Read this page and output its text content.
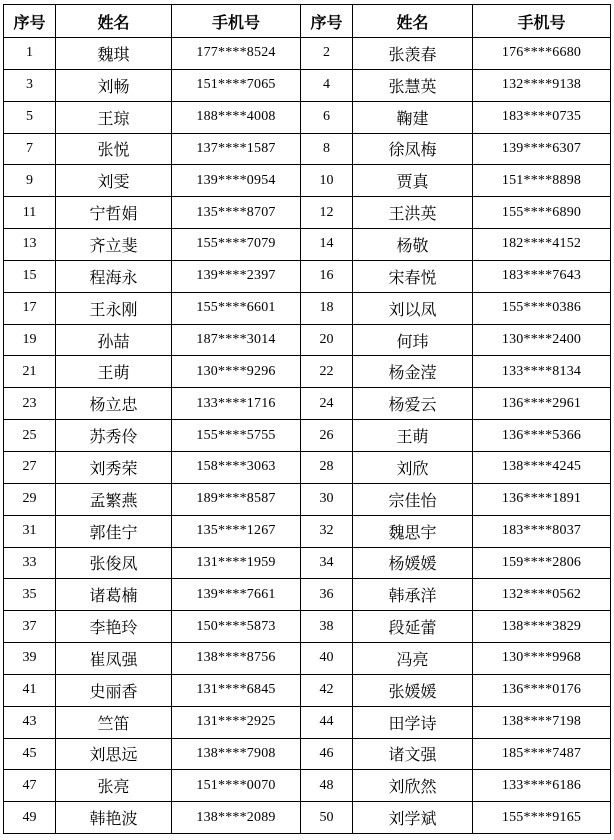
序号	姓名	手机号	序号	姓名	手机号
1	魏琪	177****8524	2	张羡春	176****6680
3	刘畅	151****7065	4	张慧英	132****9138
5	王琼	188****4008	6	鞠建	183****0735
7	张悦	137****1587	8	徐凤梅	139****6307
9	刘雯	139****0954	10	贾真	151****8898
11	宁哲娟	135****8707	12	王洪英	155****6890
13	齐立斐	155****7079	14	杨敬	182****4152
15	程海永	139****2397	16	宋春悦	183****7643
17	王永刚	155****6601	18	刘以凤	155****0386
19	孙喆	187****3014	20	何玮	130****2400
21	王萌	130****9296	22	杨金滢	133****8134
23	杨立忠	133****1716	24	杨爱云	136****2961
25	苏秀伶	155****5755	26	王萌	136****5366
27	刘秀荣	158****3063	28	刘欣	138****4245
29	孟繁燕	189****8587	30	宗佳怡	136****1891
31	郭佳宁	135****1267	32	魏思宇	183****8037
33	张俊凤	131****1959	34	杨媛媛	159****2806
35	诸葛楠	139****7661	36	韩承洋	132****0562
37	李艳玲	150****5873	38	段延蕾	138****3829
39	崔凤强	138****8756	40	冯亮	130****9968
41	史丽香	131****6845	42	张媛媛	136****0176
43	竺笛	131****2925	44	田学诗	138****7198
45	刘思远	138****7908	46	诸文强	185****7487
47	张亮	151****0070	48	刘欣然	133****6186
49	韩艳波	138****2089	50	刘学斌	155****9165
